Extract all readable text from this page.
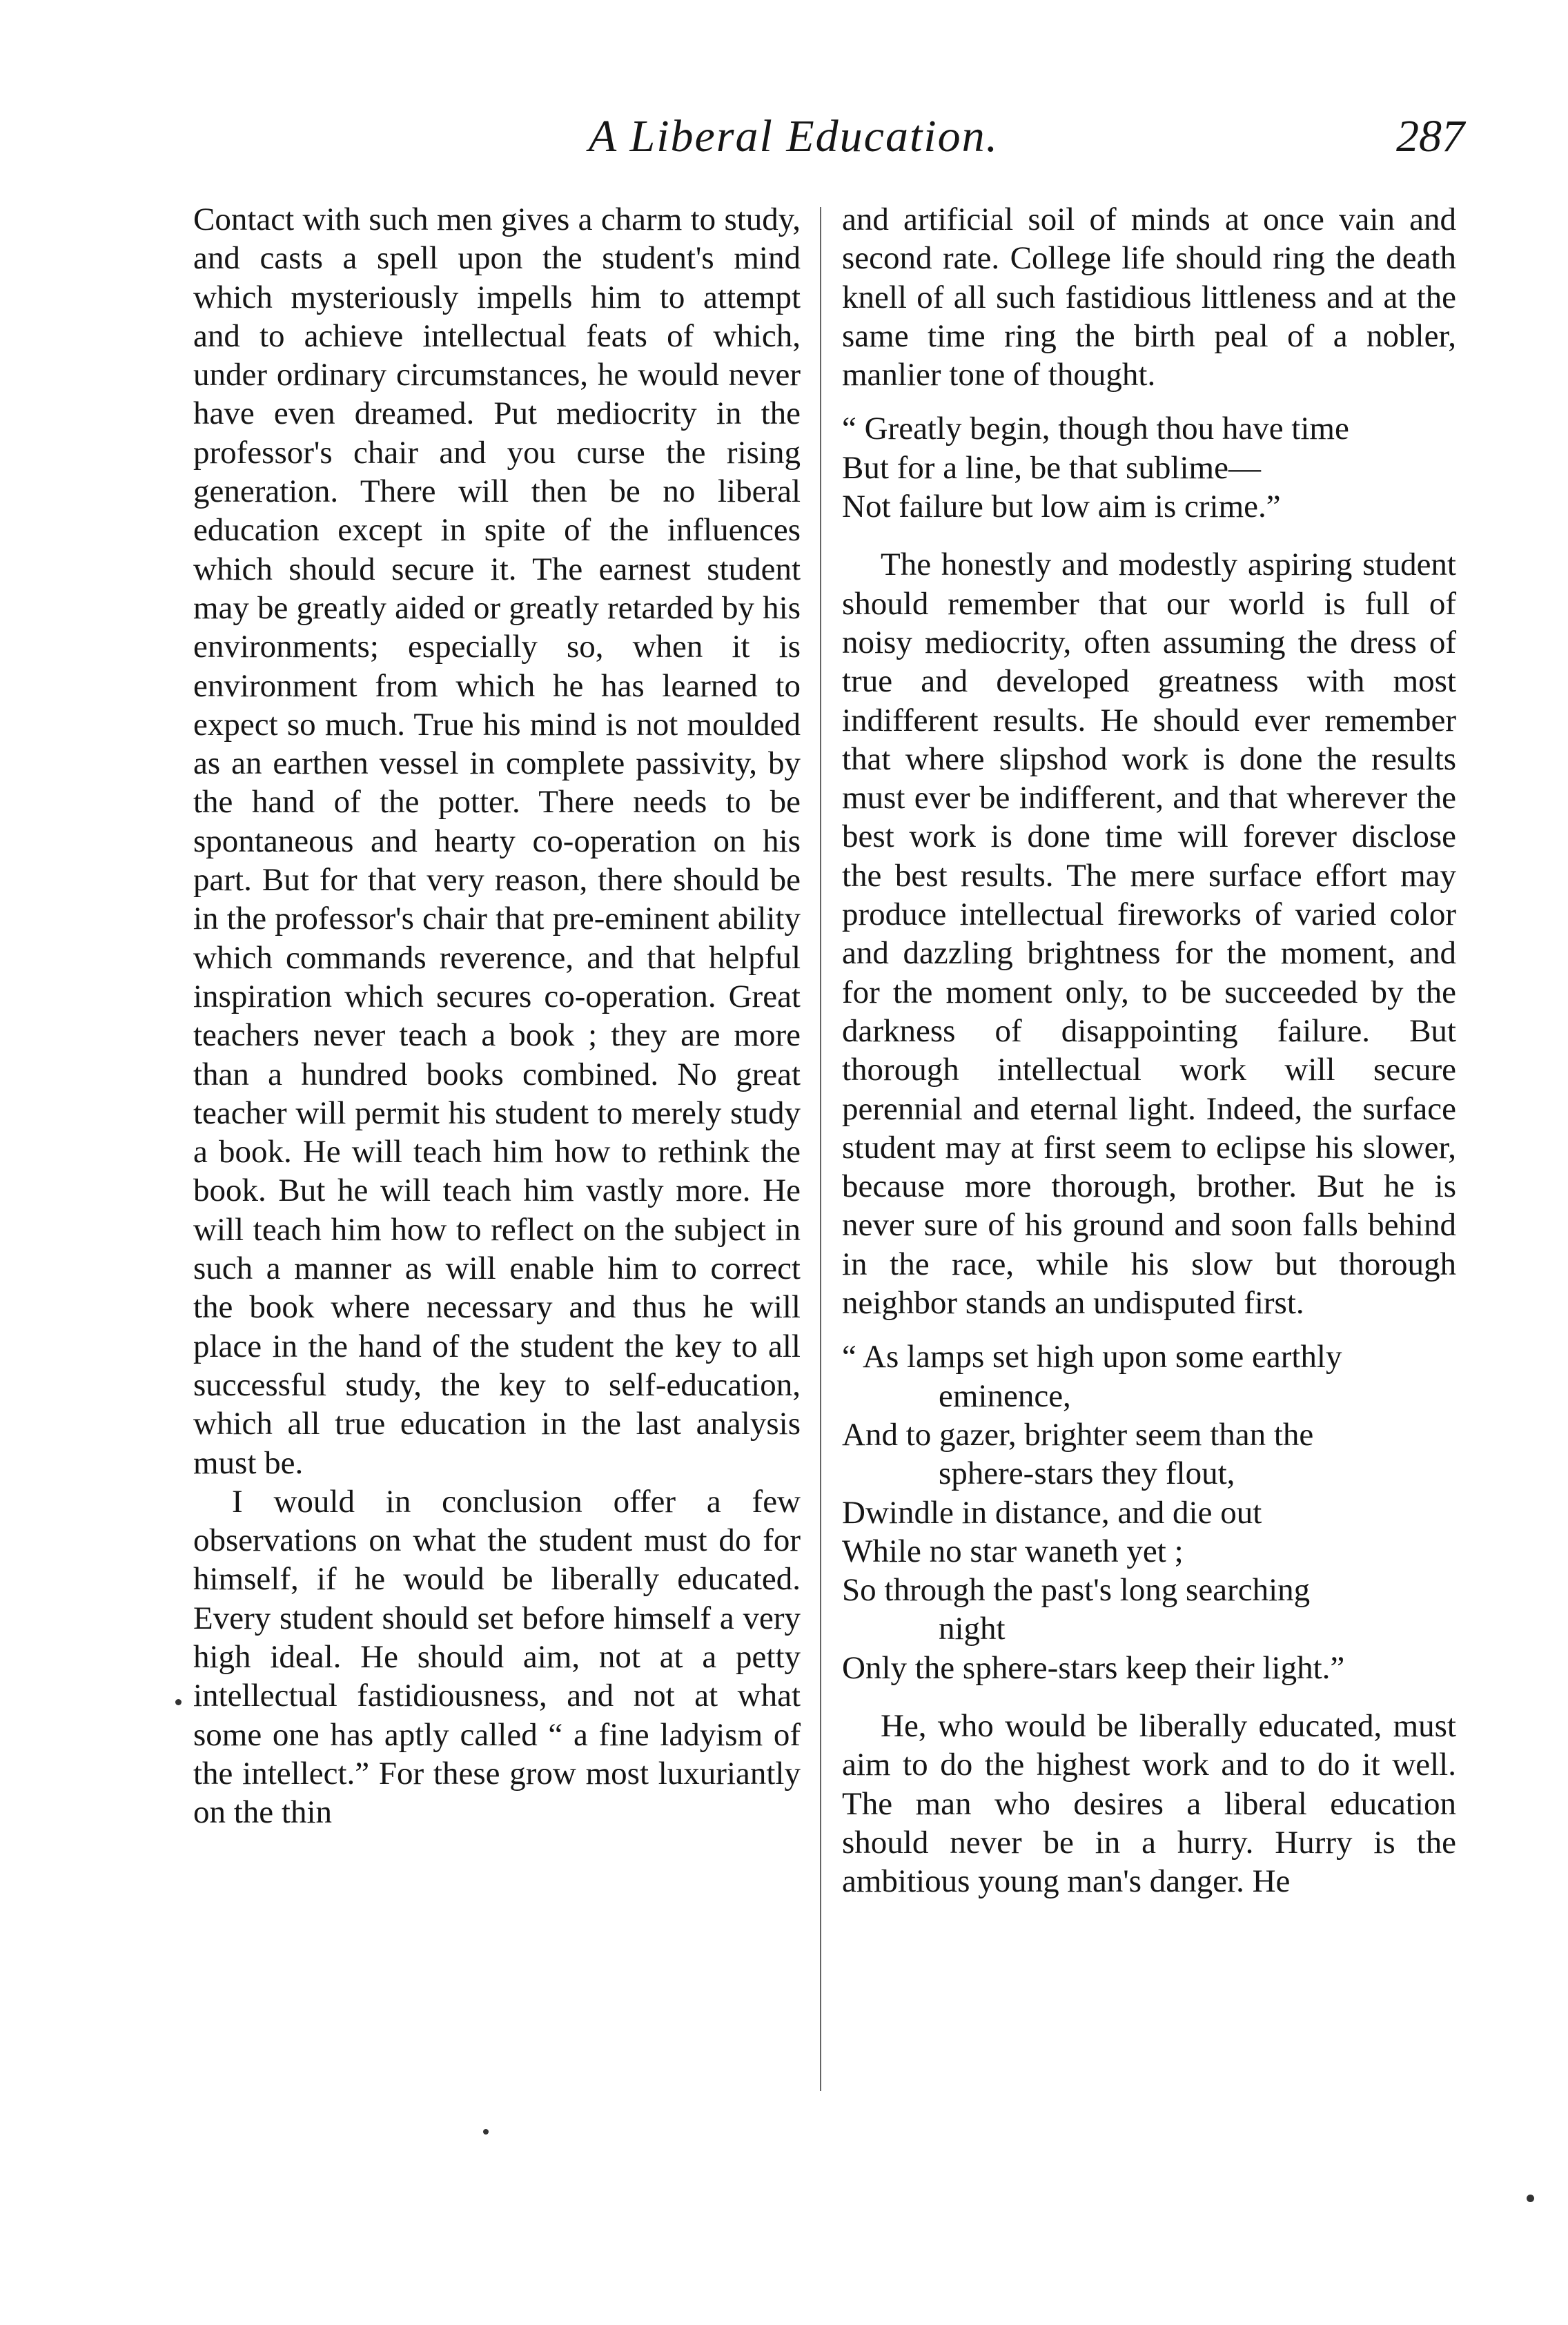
A Liberal Education.	287

Contact with such men gives a charm to study, and casts a spell upon the student's mind which mysteriously impells him to attempt and to achieve intellectual feats of which, under ordinary circumstances, he would never have even dreamed. Put mediocrity in the professor's chair and you curse the rising generation. There will then be no liberal education except in spite of the influences which should secure it. The earnest student may be greatly aided or greatly retarded by his environments; especially so, when it is environment from which he has learned to expect so much. True his mind is not moulded as an earthen vessel in complete passivity, by the hand of the potter. There needs to be spontaneous and hearty co-operation on his part. But for that very reason, there should be in the professor's chair that pre-eminent ability which commands reverence, and that helpful inspiration which secures co-operation. Great teachers never teach a book ; they are more than a hundred books combined. No great teacher will permit his student to merely study a book. He will teach him how to rethink the book. But he will teach him vastly more. He will teach him how to reflect on the subject in such a manner as will enable him to correct the book where necessary and thus he will place in the hand of the student the key to all successful study, the key to self-education, which all true education in the last analysis must be.

I would in conclusion offer a few observations on what the student must do for himself, if he would be liberally educated. Every student should set before himself a very high ideal. He should aim, not at a petty intellectual fastidiousness, and not at what some one has aptly called “ a fine ladyism of the intellect.” For these grow most luxuriantly on the thin

and artificial soil of minds at once vain and second rate. College life should ring the death knell of all such fastidious littleness and at the same time ring the birth peal of a nobler, manlier tone of thought.

“ Greatly begin, though thou have time
But for a line, be that sublime—
Not failure but low aim is crime.”

The honestly and modestly aspiring student should remember that our world is full of noisy mediocrity, often assuming the dress of true and developed greatness with most indifferent results. He should ever remember that where slipshod work is done the results must ever be indifferent, and that wherever the best work is done time will forever disclose the best results. The mere surface effort may produce intellectual fireworks of varied color and dazzling brightness for the moment, and for the moment only, to be succeeded by the darkness of disappointing failure. But thorough intellectual work will secure perennial and eternal light. Indeed, the surface student may at first seem to eclipse his slower, because more thorough, brother. But he is never sure of his ground and soon falls behind in the race, while his slow but thorough neighbor stands an undisputed first.

“ As lamps set high upon some earthly
eminence,
And to gazer, brighter seem than the
sphere-stars they flout,
Dwindle in distance, and die out
While no star waneth yet ;
So through the past's long searching
night
Only the sphere-stars keep their light.”

He, who would be liberally educated, must aim to do the highest work and to do it well. The man who desires a liberal education should never be in a hurry. Hurry is the ambitious young man's danger. He
